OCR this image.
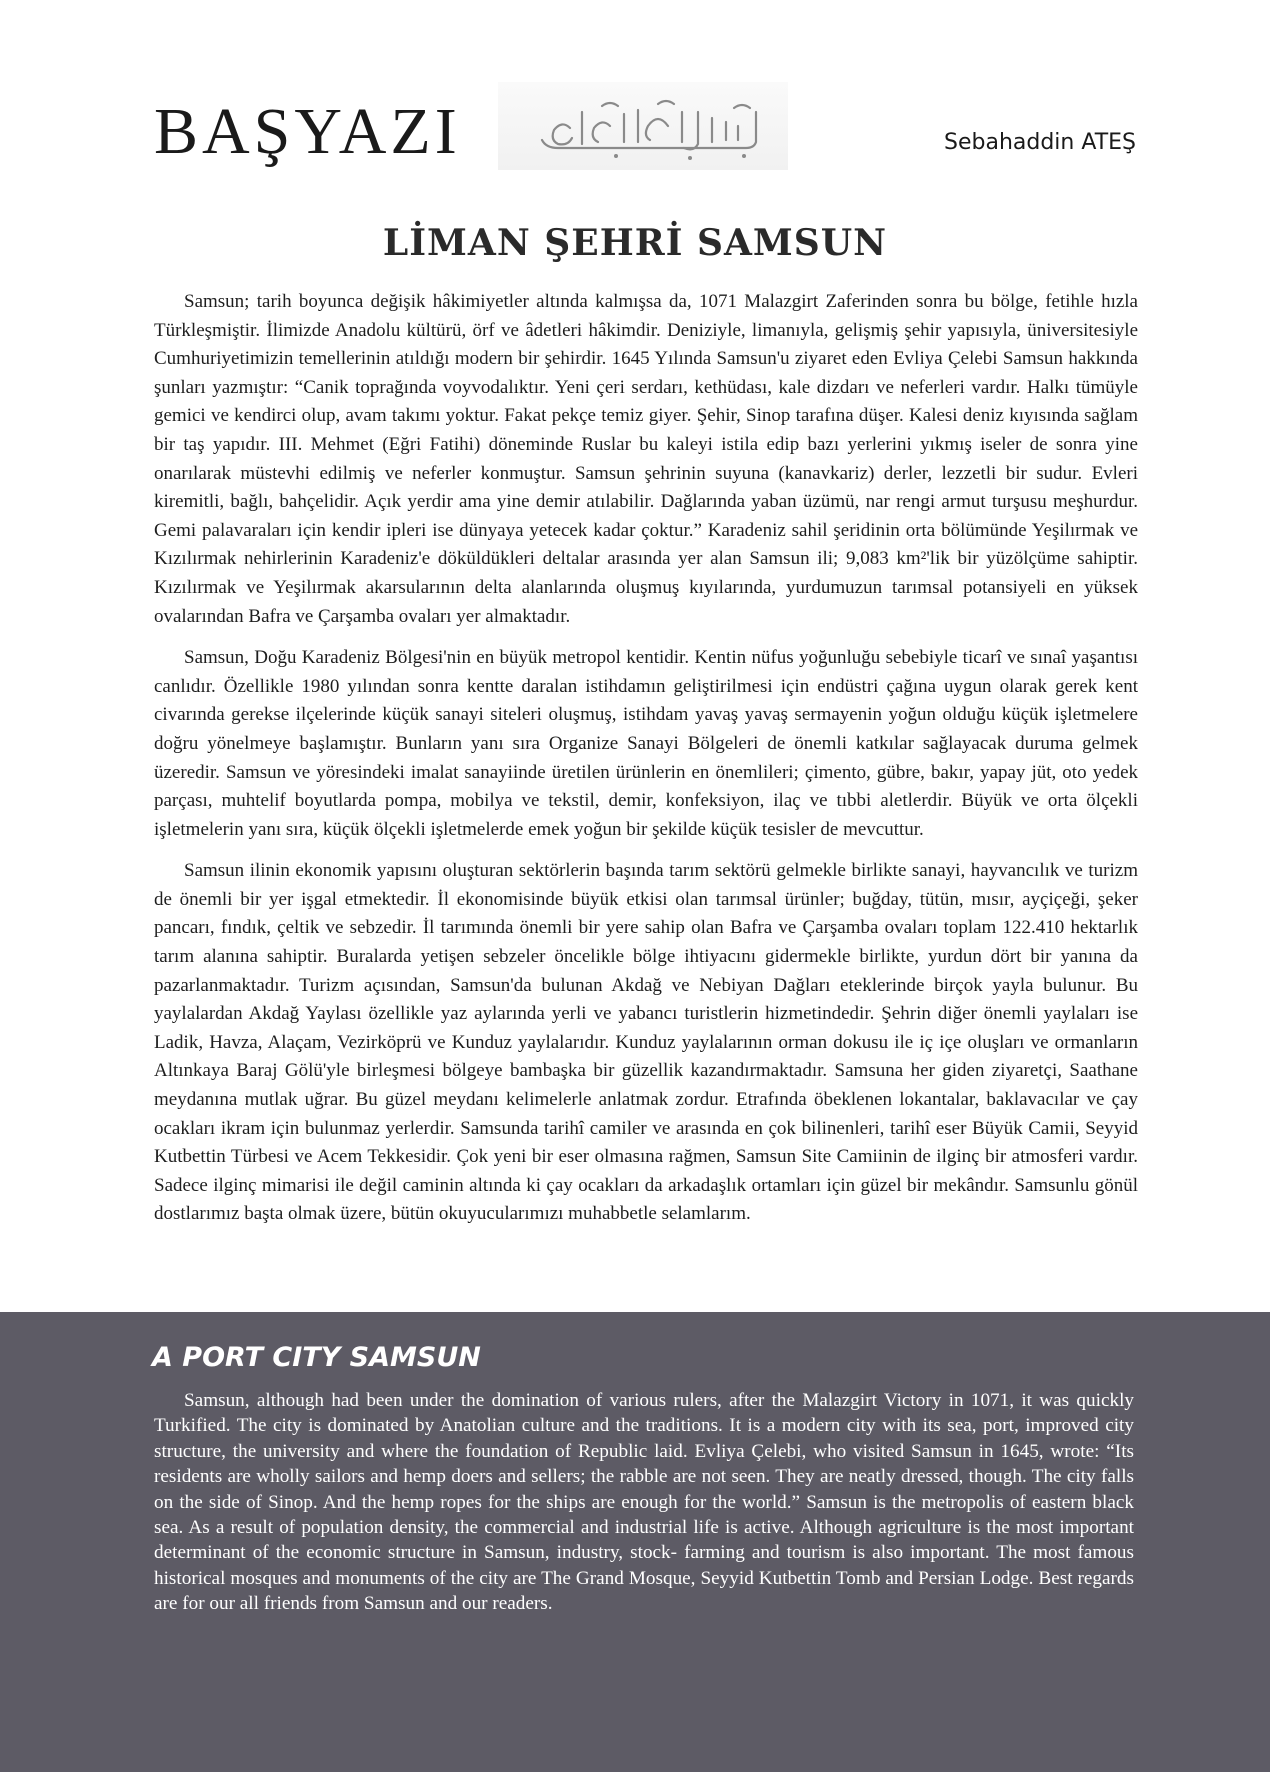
BAŞYAZI	Sebahaddin ATEŞ
LİMAN ŞEHRİ SAMSUN

Samsun; tarih boyunca değişik hâkimiyetler altında kalmışsa da, 1071 Malazgirt Zaferinden sonra bu bölge, fetihle hızla Türkleşmiştir. İlimizde Anadolu kültürü, örf ve âdetleri hâkimdir. Deniziyle, limanıyla, gelişmiş şehir yapısıyla, üniversitesiyle Cumhuriyetimizin temellerinin atıldığı modern bir şehirdir. 1645 Yılında Samsun'u ziyaret eden Evliya Çelebi Samsun hakkında şunları yazmıştır: “Canik toprağında voyvodalıktır. Yeni çeri serdarı, kethüdası, kale dizdarı ve neferleri vardır. Halkı tümüyle gemici ve kendirci olup, avam takımı yoktur. Fakat pekçe temiz giyer. Şehir, Sinop tarafına düşer. Kalesi deniz kıyısında sağlam bir taş yapıdır. III. Mehmet (Eğri Fatihi) döneminde Ruslar bu kaleyi istila edip bazı yerlerini yıkmış iseler de sonra yine onarılarak müstevhi edilmiş ve neferler konmuştur. Samsun şehrinin suyuna (kanavkariz) derler, lezzetli bir sudur. Evleri kiremitli, bağlı, bahçelidir. Açık yerdir ama yine demir atılabilir. Dağlarında yaban üzümü, nar rengi armut turşusu meşhurdur. Gemi palavaraları için kendir ipleri ise dünyaya yetecek kadar çoktur.” Karadeniz sahil şeridinin orta bölümünde Yeşilırmak ve Kızılırmak nehirlerinin Karadeniz'e döküldükleri deltalar arasında yer alan Samsun ili; 9,083 km²'lik bir yüzölçüme sahiptir. Kızılırmak ve Yeşilırmak akarsularının delta alanlarında oluşmuş kıyılarında, yurdumuzun tarımsal potansiyeli en yüksek ovalarından Bafra ve Çarşamba ovaları yer almaktadır.

Samsun, Doğu Karadeniz Bölgesi'nin en büyük metropol kentidir. Kentin nüfus yoğunluğu sebebiyle ticarî ve sınaî yaşantısı canlıdır. Özellikle 1980 yılından sonra kentte daralan istihdamın geliştirilmesi için endüstri çağına uygun olarak gerek kent civarında gerekse ilçelerinde küçük sanayi siteleri oluşmuş, istihdam yavaş yavaş sermayenin yoğun olduğu küçük işletmelere doğru yönelmeye başlamıştır. Bunların yanı sıra Organize Sanayi Bölgeleri de önemli katkılar sağlayacak duruma gelmek üzeredir. Samsun ve yöresindeki imalat sanayiinde üretilen ürünlerin en önemlileri; çimento, gübre, bakır, yapay jüt, oto yedek parçası, muhtelif boyutlarda pompa, mobilya ve tekstil, demir, konfeksiyon, ilaç ve tıbbi aletlerdir. Büyük ve orta ölçekli işletmelerin yanı sıra, küçük ölçekli işletmelerde emek yoğun bir şekilde küçük tesisler de mevcuttur.

Samsun ilinin ekonomik yapısını oluşturan sektörlerin başında tarım sektörü gelmekle birlikte sanayi, hayvancılık ve turizm de önemli bir yer işgal etmektedir. İl ekonomisinde büyük etkisi olan tarımsal ürünler; buğday, tütün, mısır, ayçiçeği, şeker pancarı, fındık, çeltik ve sebzedir. İl tarımında önemli bir yere sahip olan Bafra ve Çarşamba ovaları toplam 122.410 hektarlık tarım alanına sahiptir. Buralarda yetişen sebzeler öncelikle bölge ihtiyacını gidermekle birlikte, yurdun dört bir yanına da pazarlanmaktadır. Turizm açısından, Samsun'da bulunan Akdağ ve Nebiyan Dağları eteklerinde birçok yayla bulunur. Bu yaylalardan Akdağ Yaylası özellikle yaz aylarında yerli ve yabancı turistlerin hizmetindedir. Şehrin diğer önemli yaylaları ise Ladik, Havza, Alaçam, Vezirköprü ve Kunduz yaylalarıdır. Kunduz yaylalarının orman dokusu ile iç içe oluşları ve ormanların Altınkaya Baraj Gölü'yle birleşmesi bölgeye bambaşka bir güzellik kazandırmaktadır. Samsuna her giden ziyaretçi, Saathane meydanına mutlak uğrar. Bu güzel meydanı kelimelerle anlatmak zordur. Etrafında öbeklenen lokantalar, baklavacılar ve çay ocakları ikram için bulunmaz yerlerdir. Samsunda tarihî camiler ve arasında en çok bilinenleri, tarihî eser Büyük Camii, Seyyid Kutbettin Türbesi ve Acem Tekkesidir. Çok yeni bir eser olmasına rağmen, Samsun Site Camiinin de ilginç bir atmosferi vardır. Sadece ilginç mimarisi ile değil caminin altında ki çay ocakları da arkadaşlık ortamları için güzel bir mekândır. Samsunlu gönül dostlarımız başta olmak üzere, bütün okuyucularımızı muhabbetle selamlarım.

A PORT CITY SAMSUN

Samsun, although had been under the domination of various rulers, after the Malazgirt Victory in 1071, it was quickly Turkified. The city is dominated by Anatolian culture and the traditions. It is a modern city with its sea, port, improved city structure, the university and where the foundation of Republic laid. Evliya Çelebi, who visited Samsun in 1645, wrote: “Its residents are wholly sailors and hemp doers and sellers; the rabble are not seen. They are neatly dressed, though. The city falls on the side of Sinop. And the hemp ropes for the ships are enough for the world.” Samsun is the metropolis of eastern black sea. As a result of population density, the commercial and industrial life is active. Although agriculture is the most important determinant of the economic structure in Samsun, industry, stock- farming and tourism is also important. The most famous historical mosques and monuments of the city are The Grand Mosque, Seyyid Kutbettin Tomb and Persian Lodge. Best regards are for our all friends from Samsun and our readers.
